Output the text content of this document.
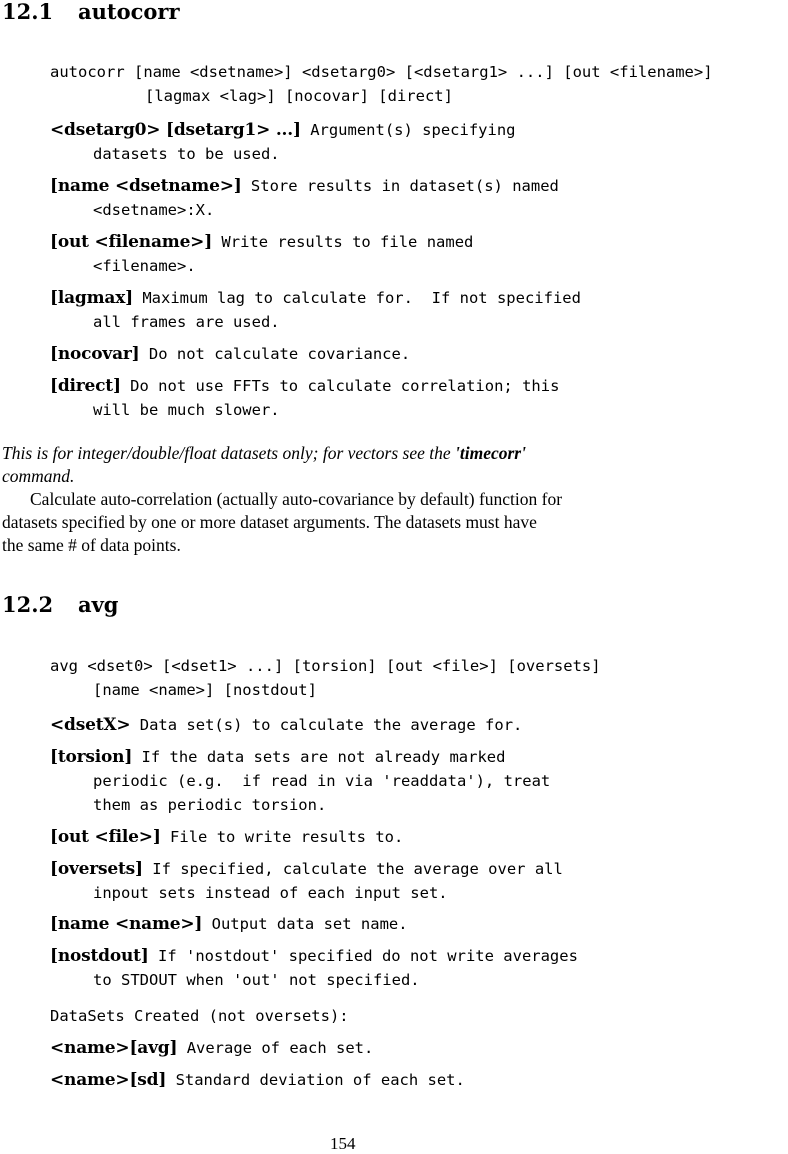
12.1 autocorr
autocorr [name <dsetname>] <dsetarg0> [<dsetarg1> ...] [out <filename>]
[lagmax <lag>] [nocovar] [direct]
<dsetarg0> [dsetarg1> ...] Argument(s) specifying
datasets to be used.
[name <dsetname>] Store results in dataset(s) named
<dsetname>:X.
[out <filename>] Write results to file named
<filename>.
[lagmax] Maximum lag to calculate for.  If not specified
all frames are used.
[nocovar] Do not calculate covariance.
[direct] Do not use FFTs to calculate correlation; this
will be much slower.
This is for integer/double/float datasets only; for vectors see the 'timecorr'
command.
Calculate auto-correlation (actually auto-covariance by default) function for
datasets specified by one or more dataset arguments. The datasets must have
the same # of data points.
12.2 avg
avg <dset0> [<dset1> ...] [torsion] [out <file>] [oversets]
[name <name>] [nostdout]
<dsetX> Data set(s) to calculate the average for.
[torsion] If the data sets are not already marked
periodic (e.g.  if read in via 'readdata'), treat
them as periodic torsion.
[out <file>] File to write results to.
[oversets] If specified, calculate the average over all
inpout sets instead of each input set.
[name <name>] Output data set name.
[nostdout] If 'nostdout' specified do not write averages
to STDOUT when 'out' not specified.
DataSets Created (not oversets):
<name>[avg] Average of each set.
<name>[sd] Standard deviation of each set.
154
